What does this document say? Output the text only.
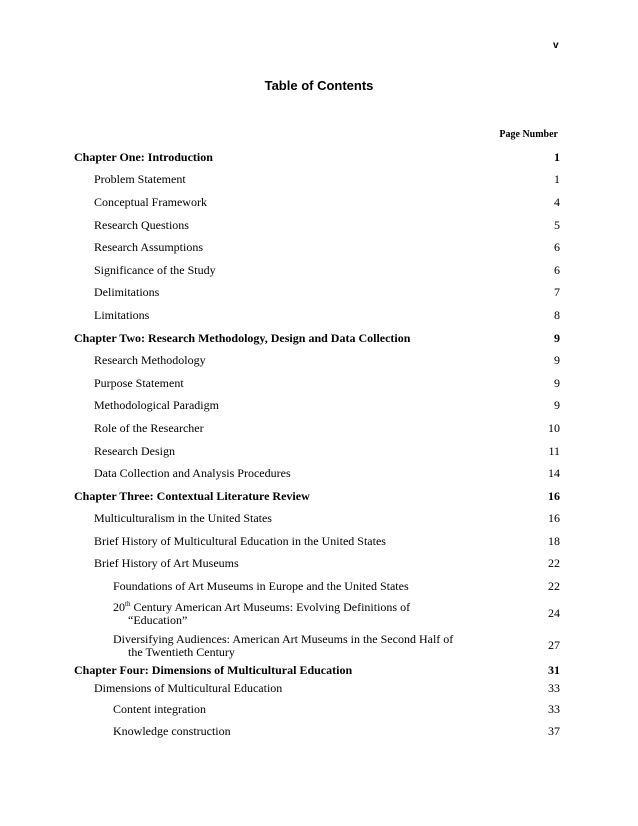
v
Table of Contents
Page Number
Chapter One: Introduction	1
Problem Statement	1
Conceptual Framework	4
Research Questions	5
Research Assumptions	6
Significance of the Study	6
Delimitations	7
Limitations	8
Chapter Two: Research Methodology, Design and Data Collection	9
Research Methodology	9
Purpose Statement	9
Methodological Paradigm	9
Role of the Researcher	10
Research Design	11
Data Collection and Analysis Procedures	14
Chapter Three: Contextual Literature Review	16
Multiculturalism in the United States	16
Brief History of Multicultural Education in the United States	18
Brief History of Art Museums	22
Foundations of Art Museums in Europe and the United States	22
20th Century American Art Museums: Evolving Definitions of
“Education”	24
Diversifying Audiences: American Art Museums in the Second Half of
the Twentieth Century	27
Chapter Four: Dimensions of Multicultural Education	31
Dimensions of Multicultural Education	33
Content integration	33
Knowledge construction	37
